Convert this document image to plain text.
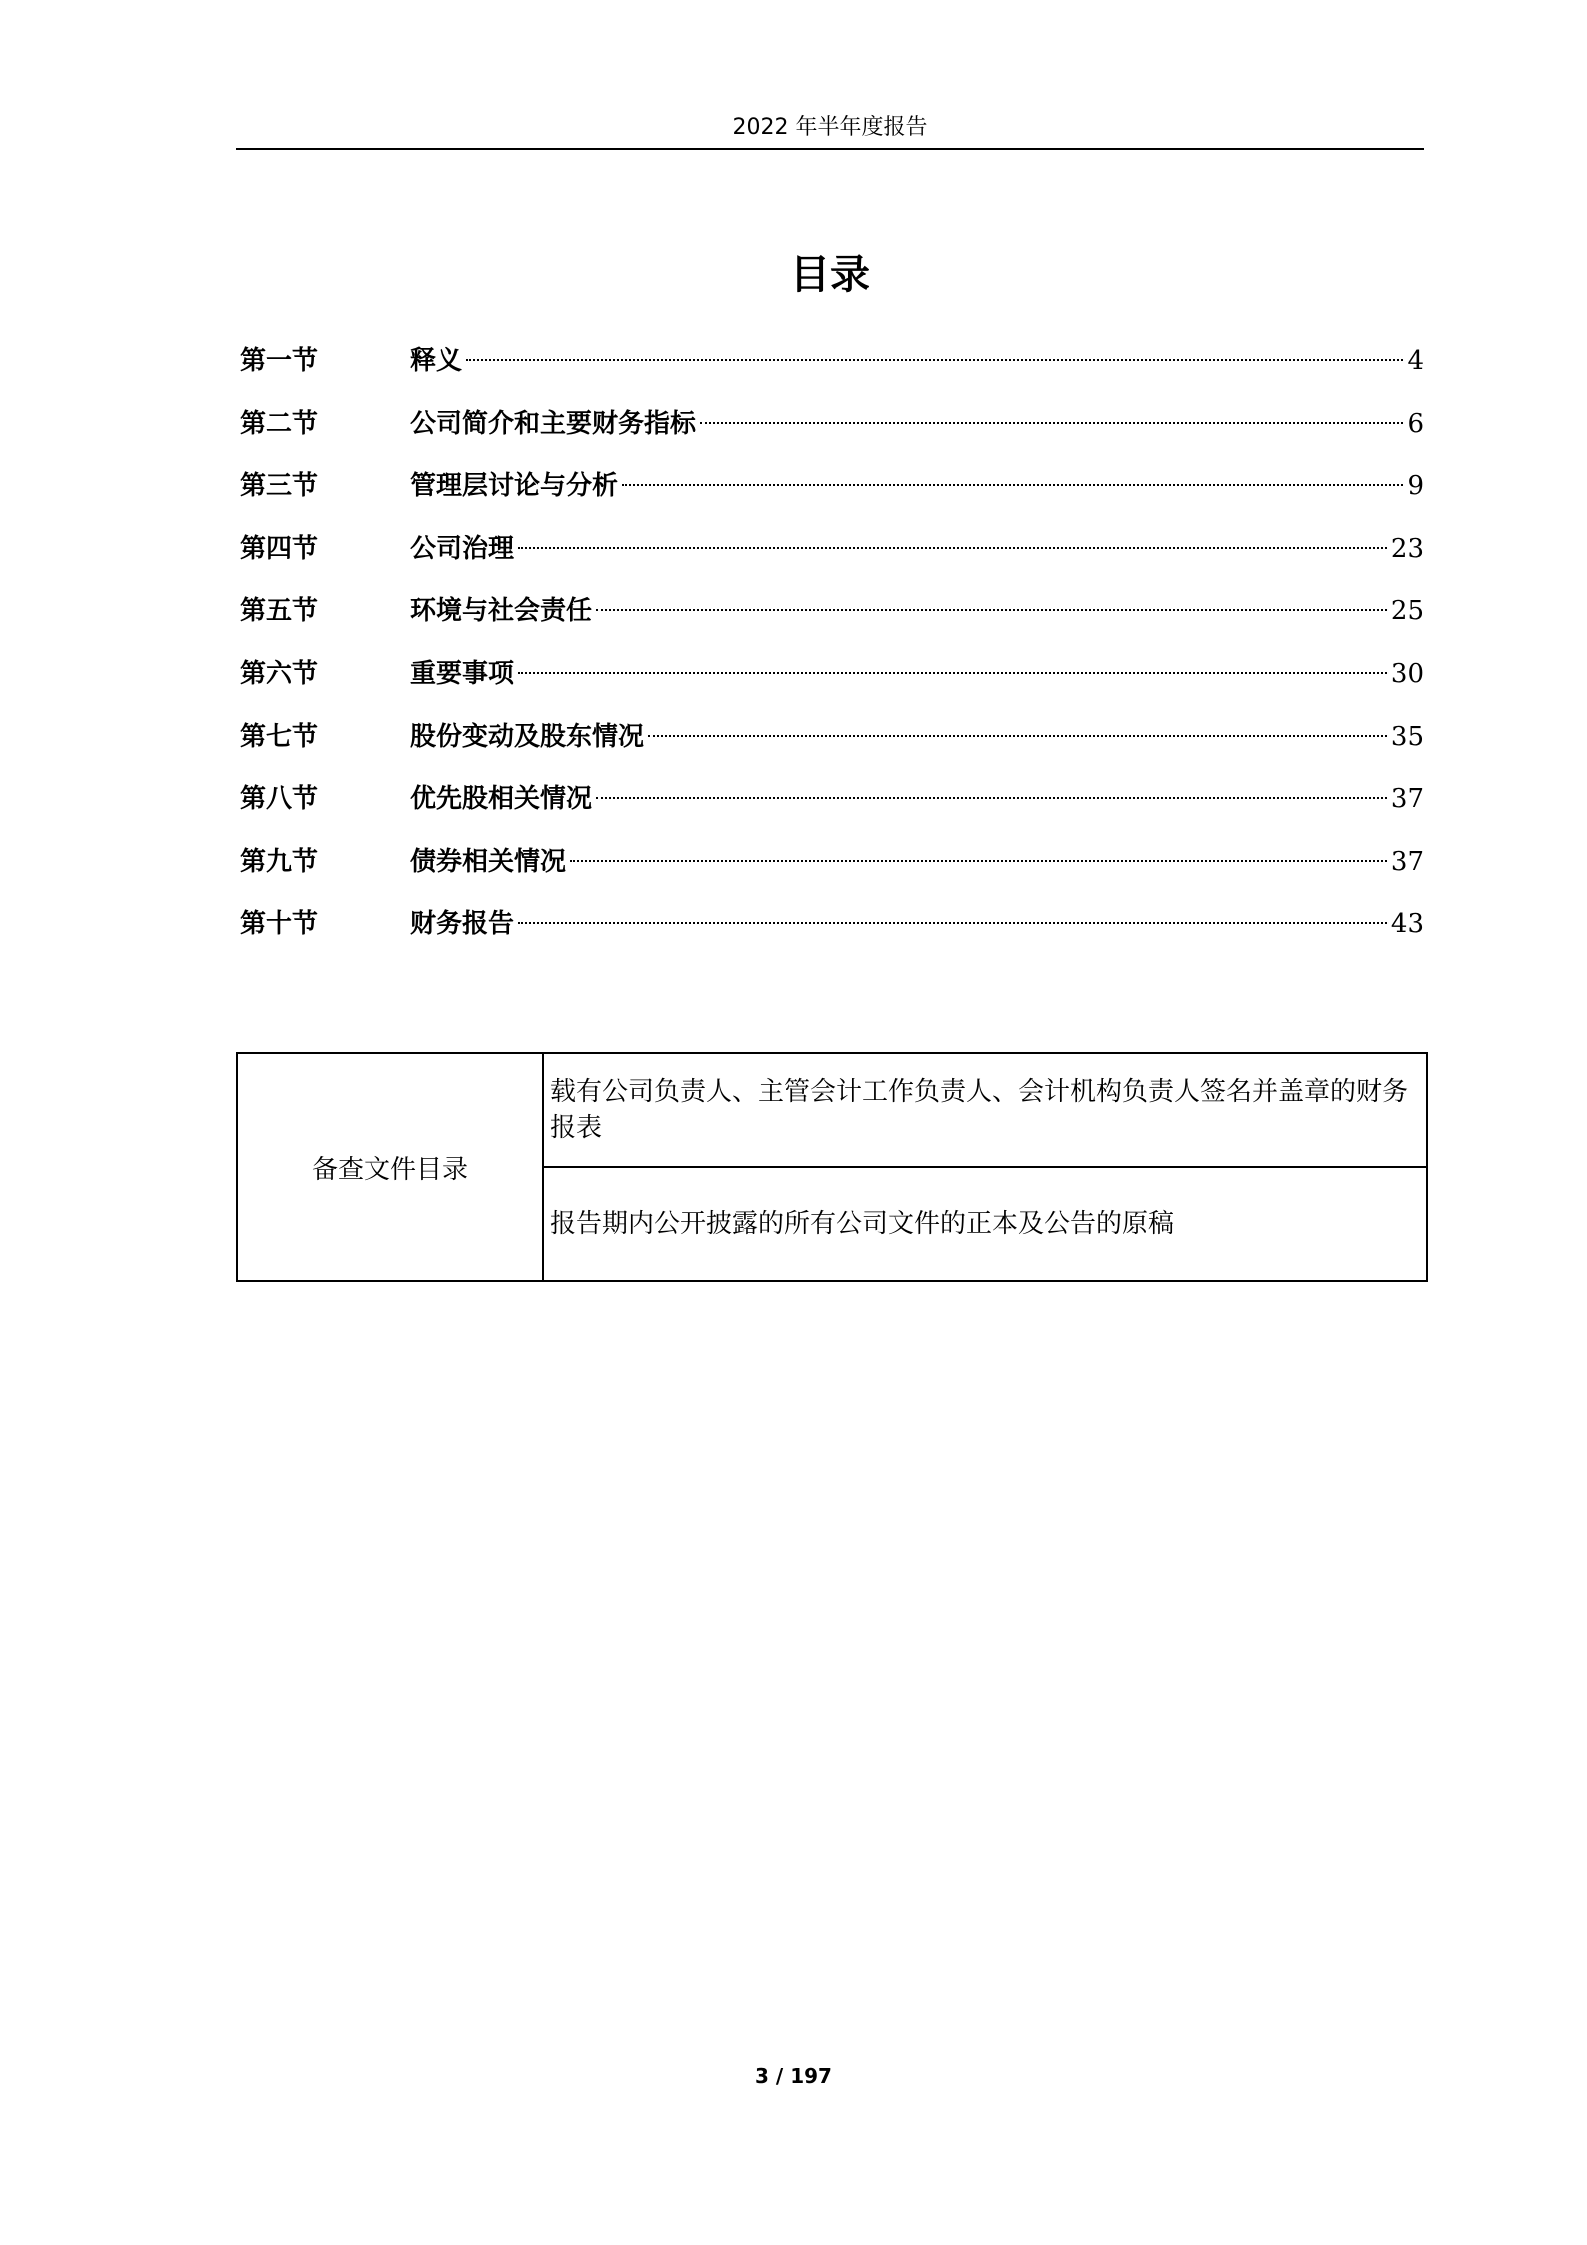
2022 年半年度报告
目录
第一节	释义	4
第二节	公司简介和主要财务指标	6
第三节	管理层讨论与分析	9
第四节	公司治理	23
第五节	环境与社会责任	25
第六节	重要事项	30
第七节	股份变动及股东情况	35
第八节	优先股相关情况	37
第九节	债券相关情况	37
第十节	财务报告	43
备查文件目录	载有公司负责人、主管会计工作负责人、会计机构负责人签名并盖章的财务报表
报告期内公开披露的所有公司文件的正本及公告的原稿
3 / 197
